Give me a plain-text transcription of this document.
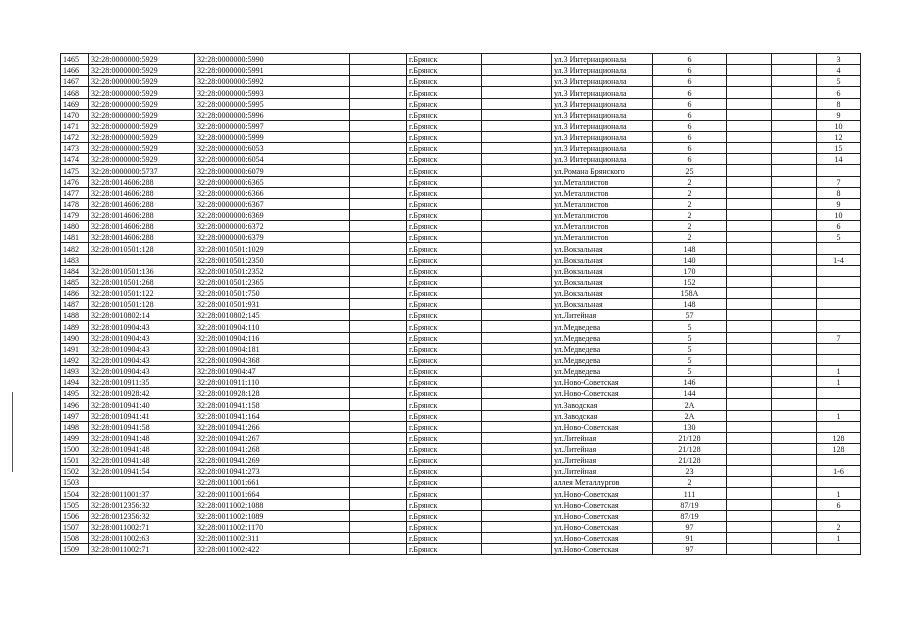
1465	32:28:0000000:5929	32:28:0000000:5990		г.Брянск		ул.3 Интернационала	6			3
1466	32:28:0000000:5929	32:28:0000000:5991		г.Брянск		ул.3 Интернационала	6			4
1467	32:28:0000000:5929	32:28:0000000:5992		г.Брянск		ул.3 Интернационала	6			5
1468	32:28:0000000:5929	32:28:0000000:5993		г.Брянск		ул.3 Интернационала	6			6
1469	32:28:0000000:5929	32:28:0000000:5995		г.Брянск		ул.3 Интернационала	6			8
1470	32:28:0000000:5929	32:28:0000000:5996		г.Брянск		ул.3 Интернационала	6			9
1471	32:28:0000000:5929	32:28:0000000:5997		г.Брянск		ул.3 Интернационала	6			10
1472	32:28:0000000:5929	32:28:0000000:5999		г.Брянск		ул.3 Интернационала	6			12
1473	32:28:0000000:5929	32:28:0000000:6053		г.Брянск		ул.3 Интернационала	6			15
1474	32:28:0000000:5929	32:28:0000000:6054		г.Брянск		ул.3 Интернационала	6			14
1475	32:28:0000000:5737	32:28:0000000:6079		г.Брянск		ул.Романа Брянского	25			
1476	32:28:0014606:288	32:28:0000000:6365		г.Брянск		ул.Металлистов	2			7
1477	32:28:0014606:288	32:28:0000000:6366		г.Брянск		ул.Металлистов	2			8
1478	32:28:0014606:288	32:28:0000000:6367		г.Брянск		ул.Металлистов	2			9
1479	32:28:0014606:288	32:28:0000000:6369		г.Брянск		ул.Металлистов	2			10
1480	32:28:0014606:288	32:28:0000000:6372		г.Брянск		ул.Металлистов	2			6
1481	32:28:0014606:288	32:28:0000000:6379		г.Брянск		ул.Металлистов	2			5
1482	32:28:0010501:128	32:28:0010501:1029		г.Брянск		ул.Вокзальная	148			
1483		32:28:0010501:2350		г.Брянск		ул.Вокзальная	140			1-4
1484	32:28:0010501:136	32:28:0010501:2352		г.Брянск		ул.Вокзальная	170			
1485	32:28:0010501:268	32:28:0010501:2365		г.Брянск		ул.Вокзальная	152			
1486	32:28:0010501:122	32:28:0010501:750		г.Брянск		ул.Вокзальная	158А			
1487	32:28:0010501:128	32:28:0010501:931		г.Брянск		ул.Вокзальная	148			
1488	32:28:0010802:14	32:28:0010802:145		г.Брянск		ул.Литейная	57			
1489	32:28:0010904:43	32:28:0010904:110		г.Брянск		ул.Медведева	5			
1490	32:28:0010904:43	32:28:0010904:116		г.Брянск		ул.Медведева	5			7
1491	32:28:0010904:43	32:28:0010904:181		г.Брянск		ул.Медведева	5			
1492	32:28:0010904:43	32:28:0010904:368		г.Брянск		ул.Медведева	5			
1493	32:28:0010904:43	32:28:0010904:47		г.Брянск		ул.Медведева	5			1
1494	32:28:0010911:35	32:28:0010911:110		г.Брянск		ул.Ново-Советская	146			1
1495	32:28:0010928:42	32:28:0010928:128		г.Брянск		ул.Ново-Советская	144			
1496	32:28:0010941:40	32:28:0010941:158		г.Брянск		ул.Заводская	2А			
1497	32:28:0010941:41	32:28:0010941:164		г.Брянск		ул.Заводская	2А			1
1498	32:28:0010941:58	32:28:0010941:266		г.Брянск		ул.Ново-Советская	130			
1499	32:28:0010941:48	32:28:0010941:267		г.Брянск		ул.Литейная	21/128			128
1500	32:28:0010941:48	32:28:0010941:268		г.Брянск		ул.Литейная	21/128			128
1501	32:28:0010941:48	32:28:0010941:269		г.Брянск		ул.Литейная	21/128			
1502	32:28:0010941:54	32:28:0010941:273		г.Брянск		ул.Литейная	23			1-6
1503		32:28:0011001:661		г.Брянск		аллея Металлургов	2			
1504	32:28:0011001:37	32:28:0011001:664		г.Брянск		ул.Ново-Советская	111			1
1505	32:28:0012356:32	32:28:0011002:1088		г.Брянск		ул.Ново-Советская	87/19			6
1506	32:28:0012356:32	32:28:0011002:1089		г.Брянск		ул.Ново-Советская	87/19			
1507	32:28:0011002:71	32:28:0011002:1170		г.Брянск		ул.Ново-Советская	97			2
1508	32:28:0011002:63	32:28:0011002:311		г.Брянск		ул.Ново-Советская	91			1
1509	32:28:0011002:71	32:28:0011002:422		г.Брянск		ул.Ново-Советская	97			
